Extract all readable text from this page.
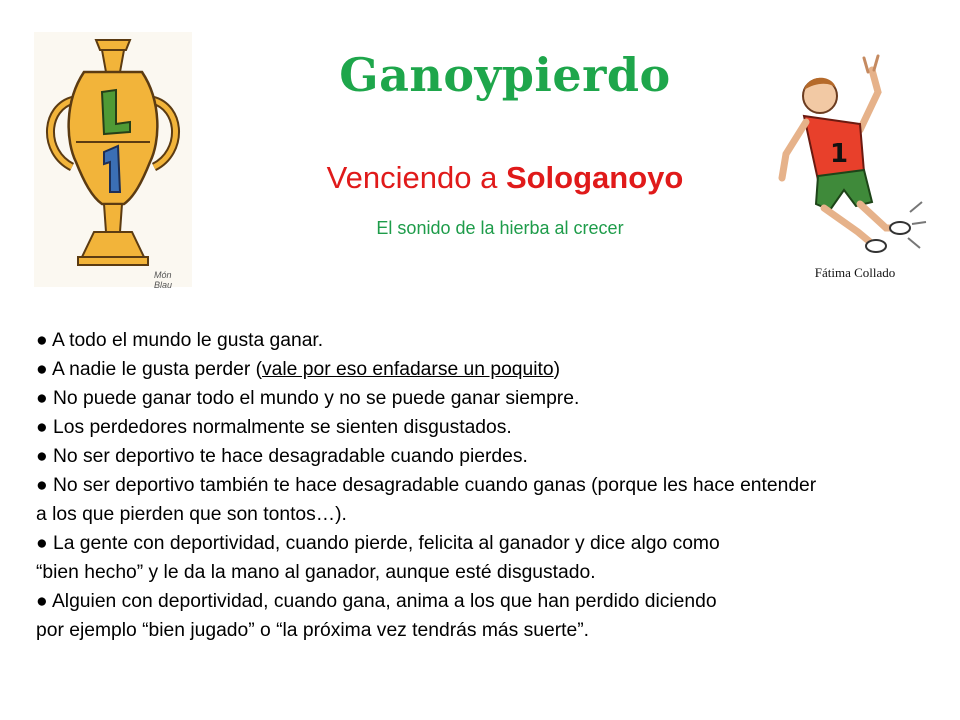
Món Blau
Ganoypierdo
Venciendo a Sologanoyo
El sonido de la hierba al crecer
1
Fátima Collado
● A todo el mundo le gusta ganar.
● A nadie le gusta perder (vale por eso enfadarse un poquito)
● No puede ganar todo el mundo y no se puede ganar siempre.
● Los perdedores normalmente se sienten disgustados.
● No ser deportivo te hace desagradable cuando pierdes.
● No ser deportivo también te hace desagradable cuando ganas (porque les hace entender
a los que pierden que son tontos…).
● La gente con deportividad, cuando pierde, felicita al ganador y dice algo como
“bien hecho” y le da la mano al ganador, aunque esté disgustado.
● Alguien con deportividad, cuando gana, anima a los que han perdido diciendo
por ejemplo “bien jugado” o “la próxima vez tendrás más suerte”.
